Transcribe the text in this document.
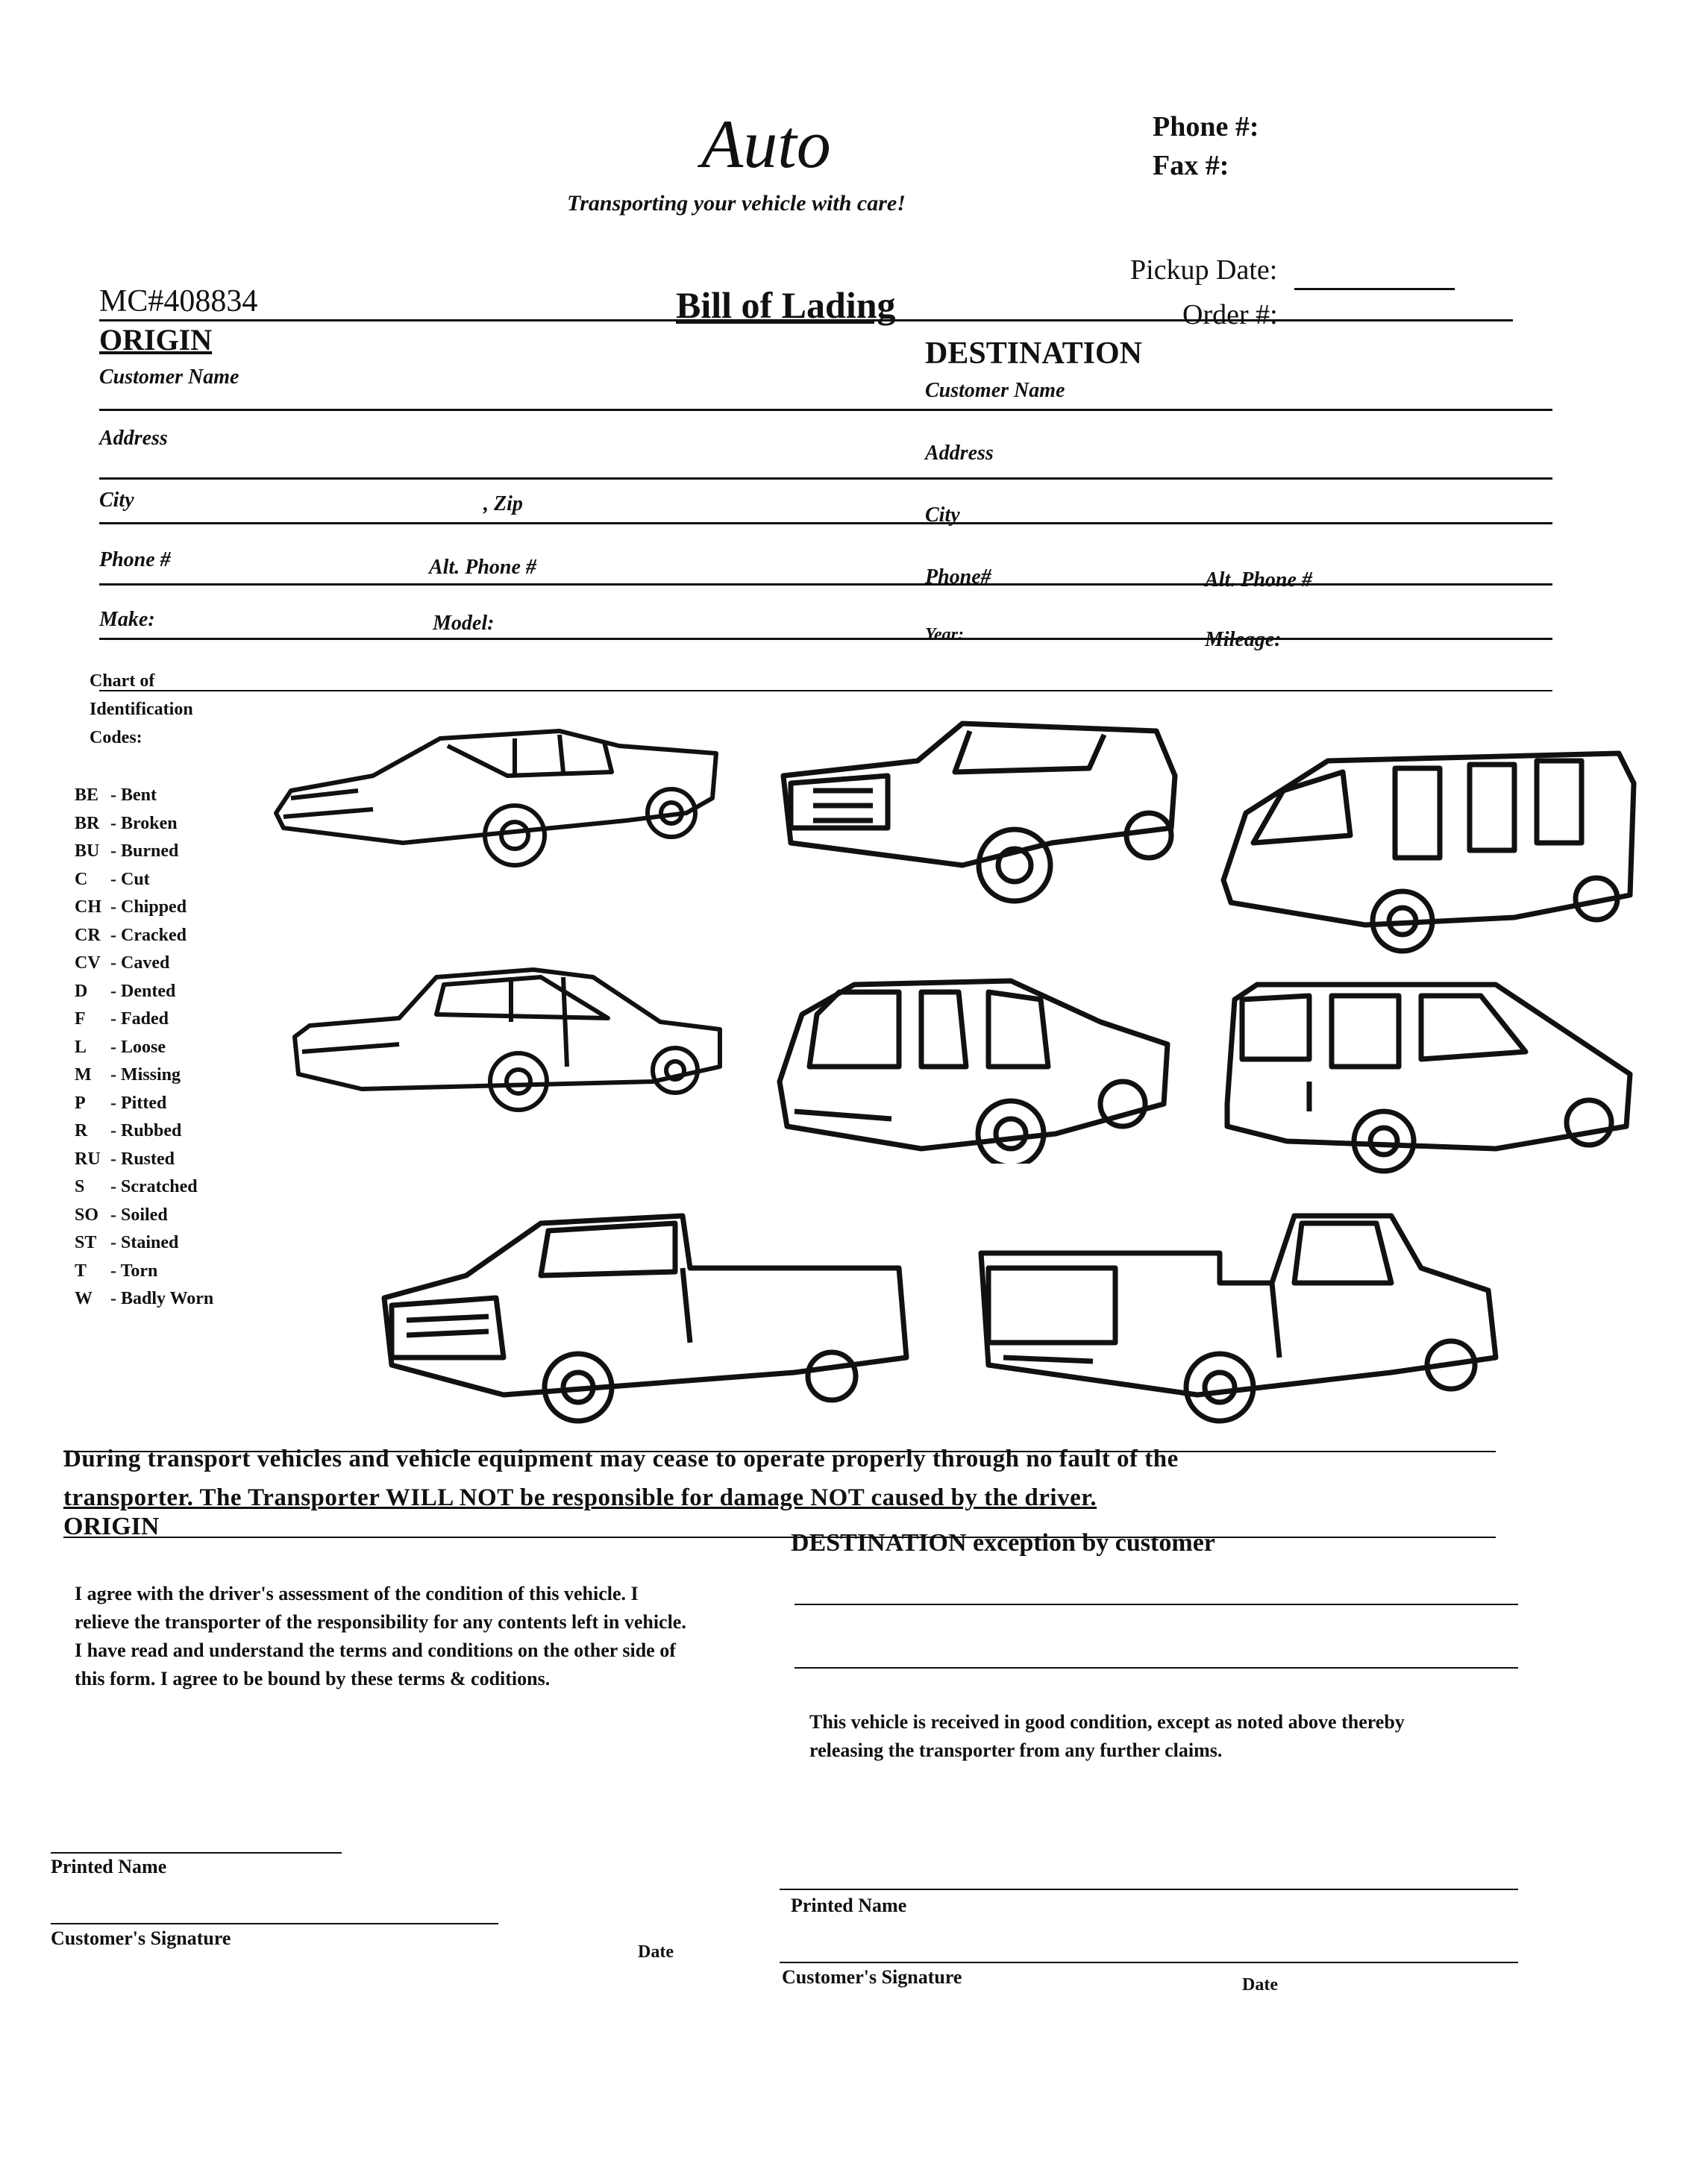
Auto
Transporting your vehicle with care!
Phone #:
Fax #:
Pickup Date:
MC#408834	Bill of Lading	Order #:
ORIGIN	DESTINATION
Customer Name
Customer Name
Address
Address
City	, Zip	City
Phone #	Alt. Phone #	Phone#	Alt. Phone #
Make:	Model:	Year:	Mileage:
Chart of
Identification
Codes:
BE - Bent
BR - Broken
BU - Burned
C - Cut
CH - Chipped
CR - Cracked
CV - Caved
D - Dented
F - Faded
L - Loose
M - Missing
P - Pitted
R - Rubbed
RU - Rusted
S - Scratched
SO - Soiled
ST - Stained
T - Torn
W - Badly Worn
During transport vehicles and vehicle equipment may cease to operate properly through no fault of the
transporter. The Transporter WILL NOT be responsible for damage NOT caused by the driver.
ORIGIN
I agree with the driver's assessment of the condition of this vehicle. I relieve the transporter of the responsibility for any contents left in vehicle. I have read and understand the terms and conditions on the other side of this form. I agree to be bound by these terms & coditions.
Printed Name
Customer's Signature
Date
DESTINATION exception by customer
This vehicle is received in good condition, except as noted above thereby releasing the transporter from any further claims.
Printed Name
Customer's Signature	Date
